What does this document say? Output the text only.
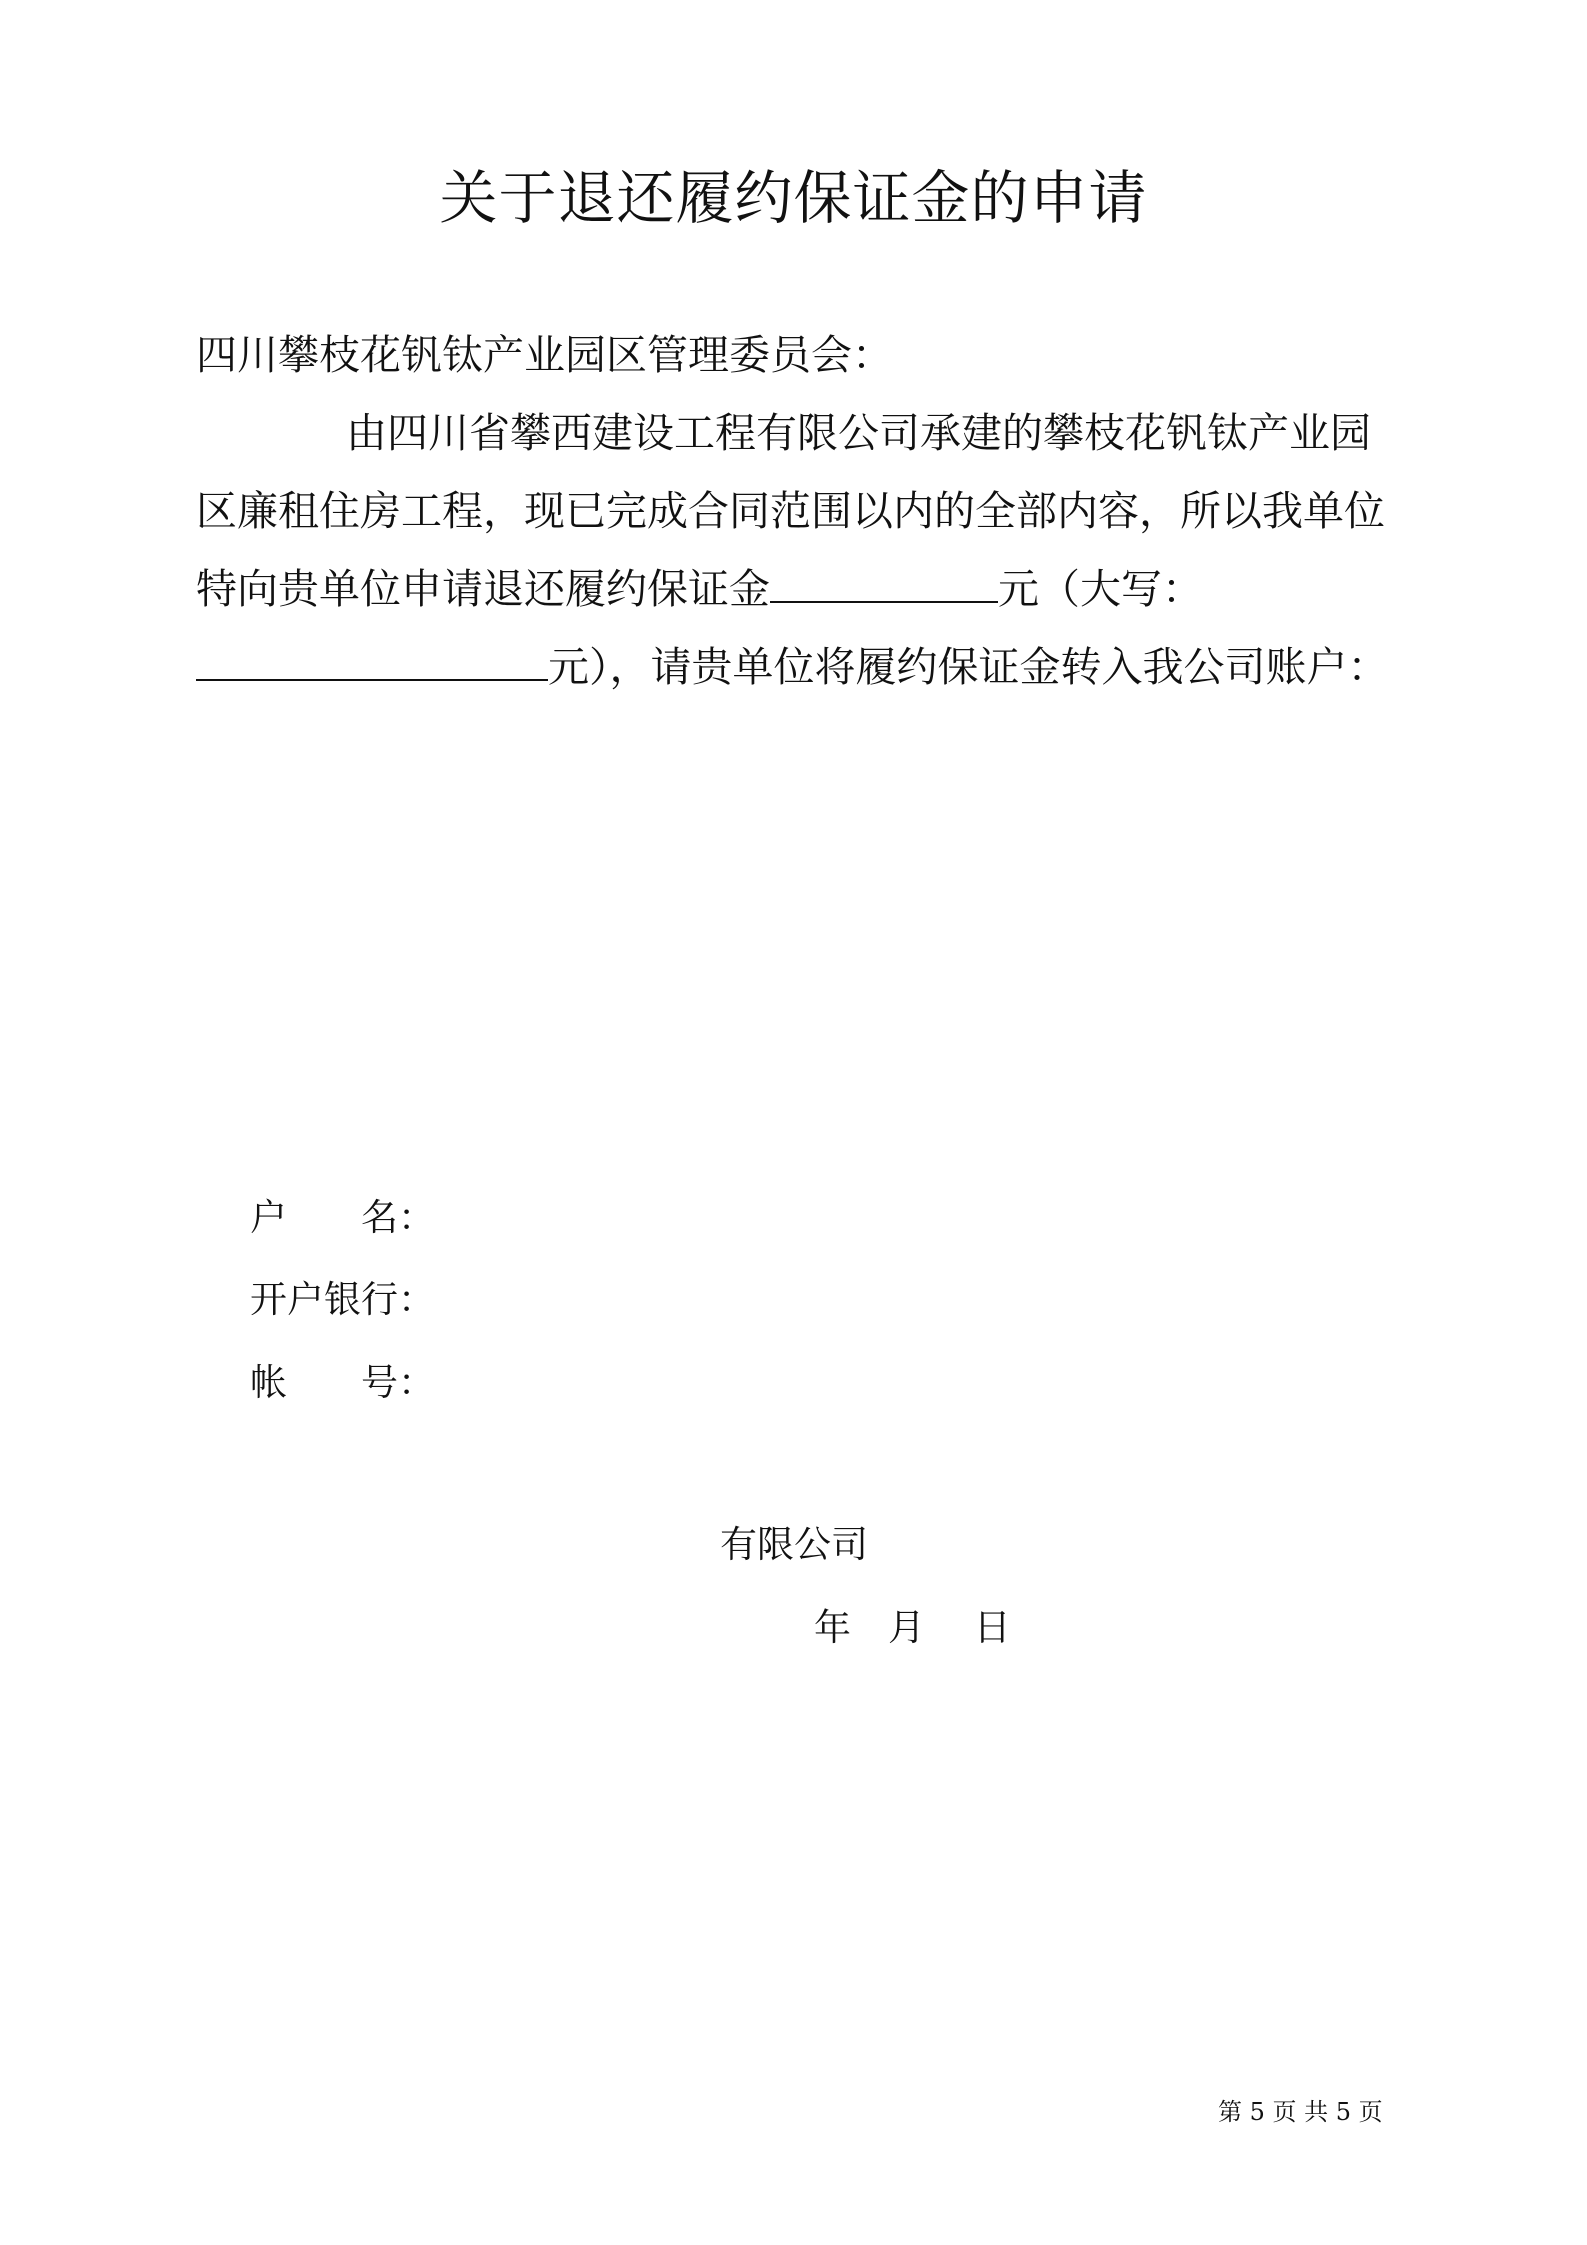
关于退还履约保证金的申请
四川攀枝花钒钛产业园区管理委员会：
由四川省攀西建设工程有限公司承建的攀枝花钒钛产业园区廉租住房工程，现已完成合同范围以内的全部内容，所以我单位特向贵单位申请退还履约保证金	元（大写：
元），请贵单位将履约保证金转入我公司账户：
户　　名：
开户银行：
帐　　号：
有限公司
年　月　 日
第 5 页 共 5 页
